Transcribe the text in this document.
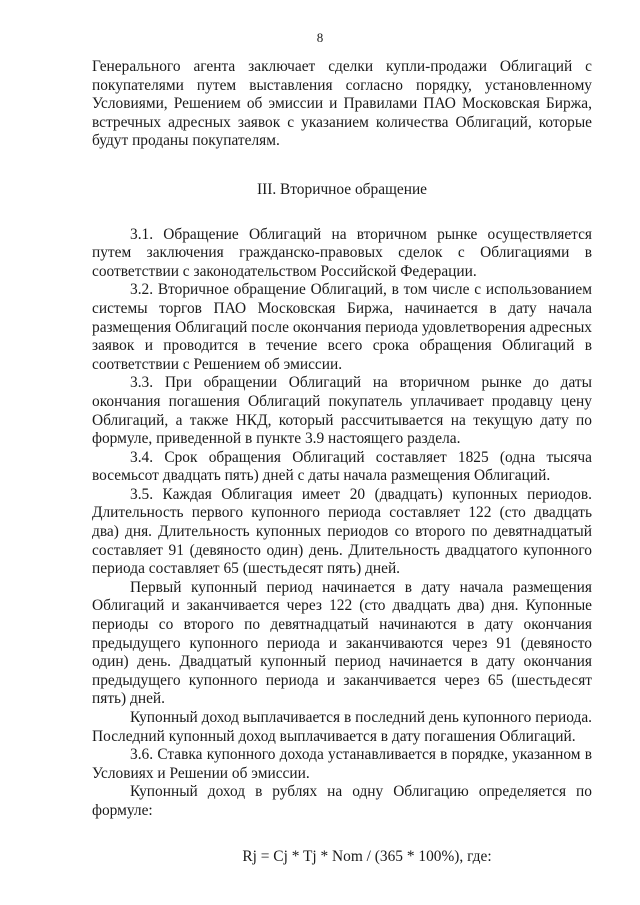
8

Генерального агента заключает сделки купли-продажи Облигаций с покупателями путем выставления согласно порядку, установленному Условиями, Решением об эмиссии и Правилами ПАО Московская Биржа, встречных адресных заявок с указанием количества Облигаций, которые будут проданы покупателям.

III. Вторичное обращение

3.1. Обращение Облигаций на вторичном рынке осуществляется путем заключения гражданско-правовых сделок с Облигациями в соответствии с законодательством Российской Федерации.

3.2. Вторичное обращение Облигаций, в том числе с использованием системы торгов ПАО Московская Биржа, начинается в дату начала размещения Облигаций после окончания периода удовлетворения адресных заявок и проводится в течение всего срока обращения Облигаций в соответствии с Решением об эмиссии.

3.3. При обращении Облигаций на вторичном рынке до даты окончания погашения Облигаций покупатель уплачивает продавцу цену Облигаций, а также НКД, который рассчитывается на текущую дату по формуле, приведенной в пункте 3.9 настоящего раздела.

3.4. Срок обращения Облигаций составляет 1825 (одна тысяча восемьсот двадцать пять) дней с даты начала размещения Облигаций.

3.5. Каждая Облигация имеет 20 (двадцать) купонных периодов. Длительность первого купонного периода составляет 122 (сто двадцать два) дня. Длительность купонных периодов со второго по девятнадцатый составляет 91 (девяносто один) день. Длительность двадцатого купонного периода составляет 65 (шестьдесят пять) дней.

Первый купонный период начинается в дату начала размещения Облигаций и заканчивается через 122 (сто двадцать два) дня. Купонные периоды со второго по девятнадцатый начинаются в дату окончания предыдущего купонного периода и заканчиваются через 91 (девяносто один) день. Двадцатый купонный период начинается в дату окончания предыдущего купонного периода и заканчивается через 65 (шестьдесят пять) дней.

Купонный доход выплачивается в последний день купонного периода. Последний купонный доход выплачивается в дату погашения Облигаций.

3.6. Ставка купонного дохода устанавливается в порядке, указанном в Условиях и Решении об эмиссии.

Купонный доход в рублях на одну Облигацию определяется по формуле:

Rj = Cj * Tj * Nom / (365 * 100%), где:
